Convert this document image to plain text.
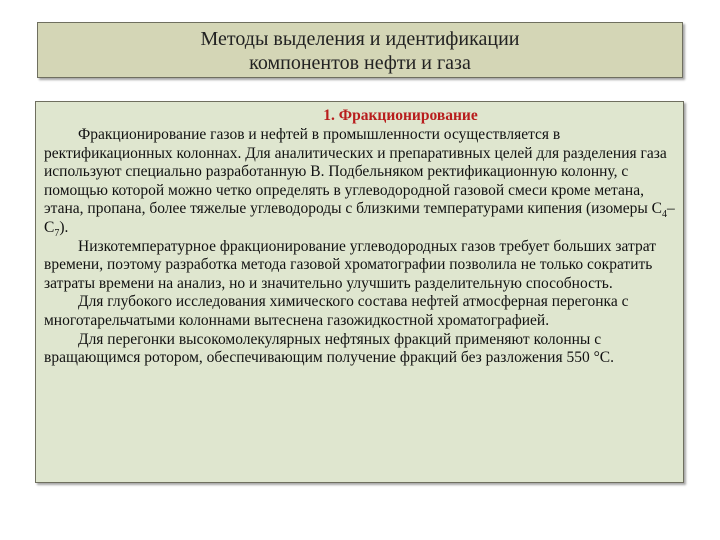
Методы выделения и идентификации
компонентов нефти и газа
1. Фракционирование

Фракционирование газов и нефтей в промышленности осуществляется в ректификационных колоннах. Для аналитических и препаративных целей для разделения газа используют специально разработанную В. Подбельняком ректификационную колонну, с помощью которой можно четко определять в углеводородной газовой смеси кроме метана, этана, пропана, более тяжелые углеводороды с близкими температурами кипения (изомеры $С_4-С_7$).

Низкотемпературное фракционирование углеводородных газов требует больших затрат времени, поэтому разработка метода газовой хроматографии позволила не только сократить затраты времени на анализ, но и значительно улучшить разделительную способность.

Для глубокого исследования химического состава нефтей атмосферная перегонка с многотарельчатыми колоннами вытеснена газожидкостной хроматографией.

Для перегонки высокомолекулярных нефтяных фракций применяют колонны с вращающимся ротором, обеспечивающим получение фракций без разложения 550 °С.
